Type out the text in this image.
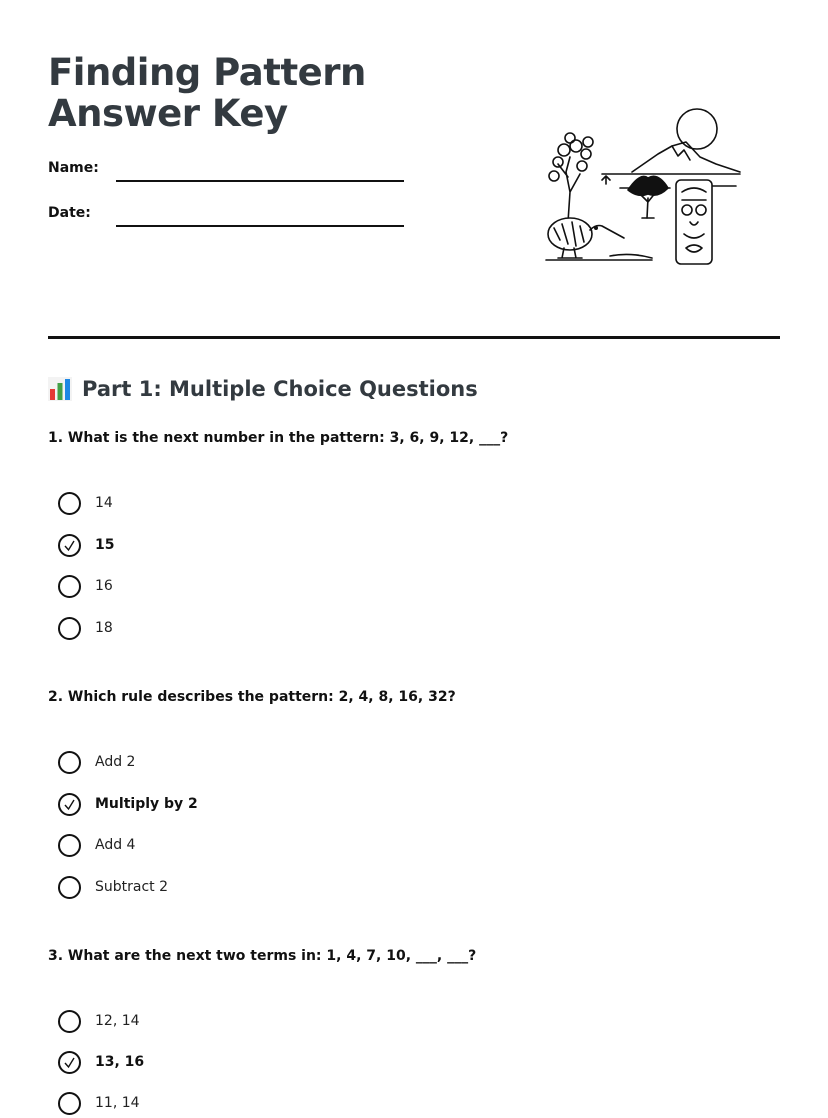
Finding Pattern Answer Key
Name:
Date:
Part 1: Multiple Choice Questions
1. What is the next number in the pattern: 3, 6, 9, 12, ___?
14
15
16
18
2. Which rule describes the pattern: 2, 4, 8, 16, 32?
Add 2
Multiply by 2
Add 4
Subtract 2
3. What are the next two terms in: 1, 4, 7, 10, ___, ___?
12, 14
13, 16
11, 14
